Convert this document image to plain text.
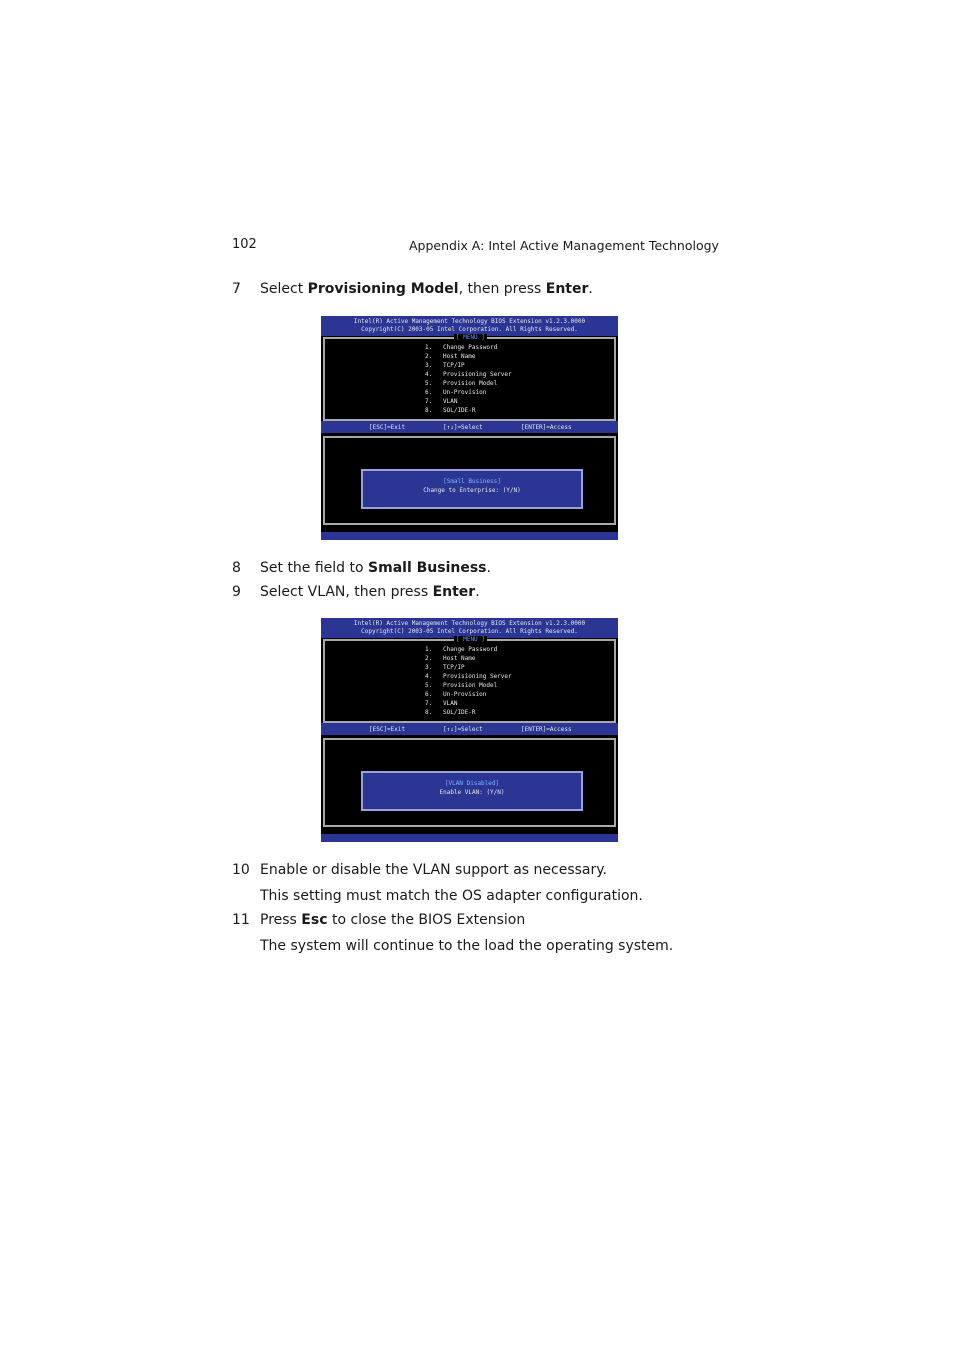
102	Appendix A: Intel Active Management Technology
7 Select Provisioning Model, then press Enter.
Intel(R) Active Management Technology BIOS Extension v1.2.3.0000
Copyright(C) 2003-05 Intel Corporation. All Rights Reserved.
1. Change Password
2. Host Name
3. TCP/IP
4. Provisioning Server
5. Provision Model
6. Un-Provision
7. VLAN
8. SOL/IDE-R
[ MENU ]
[ESC]=Exit	[↑↓]=Select	[ENTER]=Access
[Small Business]
Change to Enterprise: (Y/N)
8 Set the field to Small Business.
9 Select VLAN, then press Enter.
Intel(R) Active Management Technology BIOS Extension v1.2.3.0000
Copyright(C) 2003-05 Intel Corporation. All Rights Reserved.
1. Change Password
2. Host Name
3. TCP/IP
4. Provisioning Server
5. Provision Model
6. Un-Provision
7. VLAN
8. SOL/IDE-R
[ MENU ]
[ESC]=Exit	[↑↓]=Select	[ENTER]=Access
[VLAN Disabled]
Enable VLAN: (Y/N)
10 Enable or disable the VLAN support as necessary.
This setting must match the OS adapter configuration.
11 Press Esc to close the BIOS Extension
The system will continue to the load the operating system.
